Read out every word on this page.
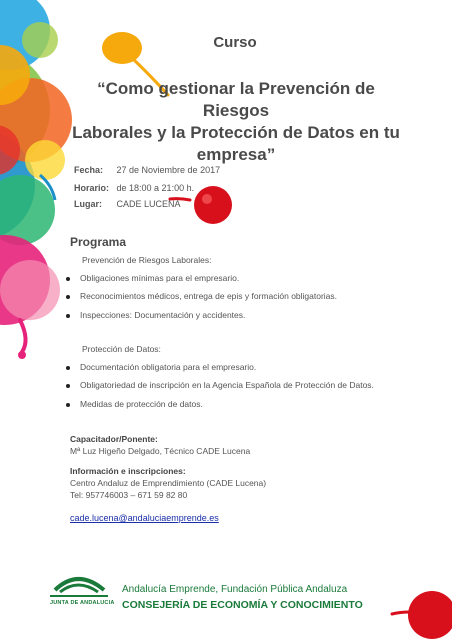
Curso
“Como gestionar la Prevención de Riesgos
Laborales y la Protección de Datos en tu
empresa”
Fecha: 27 de Noviembre de 2017
Horario: de 18:00 a 21:00 h.
Lugar: CADE LUCENA
Programa
Prevención de Riesgos Laborales:
Obligaciones mínimas para el empresario.
Reconocimientos médicos, entrega de epis y formación obligatorias.
Inspecciones: Documentación y accidentes.
Protección de Datos:
Documentación obligatoria para el empresario.
Obligatoriedad de inscripción en la Agencia Española de Protección de Datos.
Medidas de protección de datos.
Capacitador/Ponente:
Mª Luz Higeño Delgado, Técnico CADE Lucena
Información e inscripciones:
Centro Andaluz de Emprendimiento (CADE Lucena)
Tel: 957746003 – 671 59 82 80
cade.lucena@andaluciaemprende.es
JUNTA DE ANDALUCIA
Andalucía Emprende, Fundación Pública Andaluza
CONSEJERÍA DE ECONOMÍA Y CONOCIMIENTO
